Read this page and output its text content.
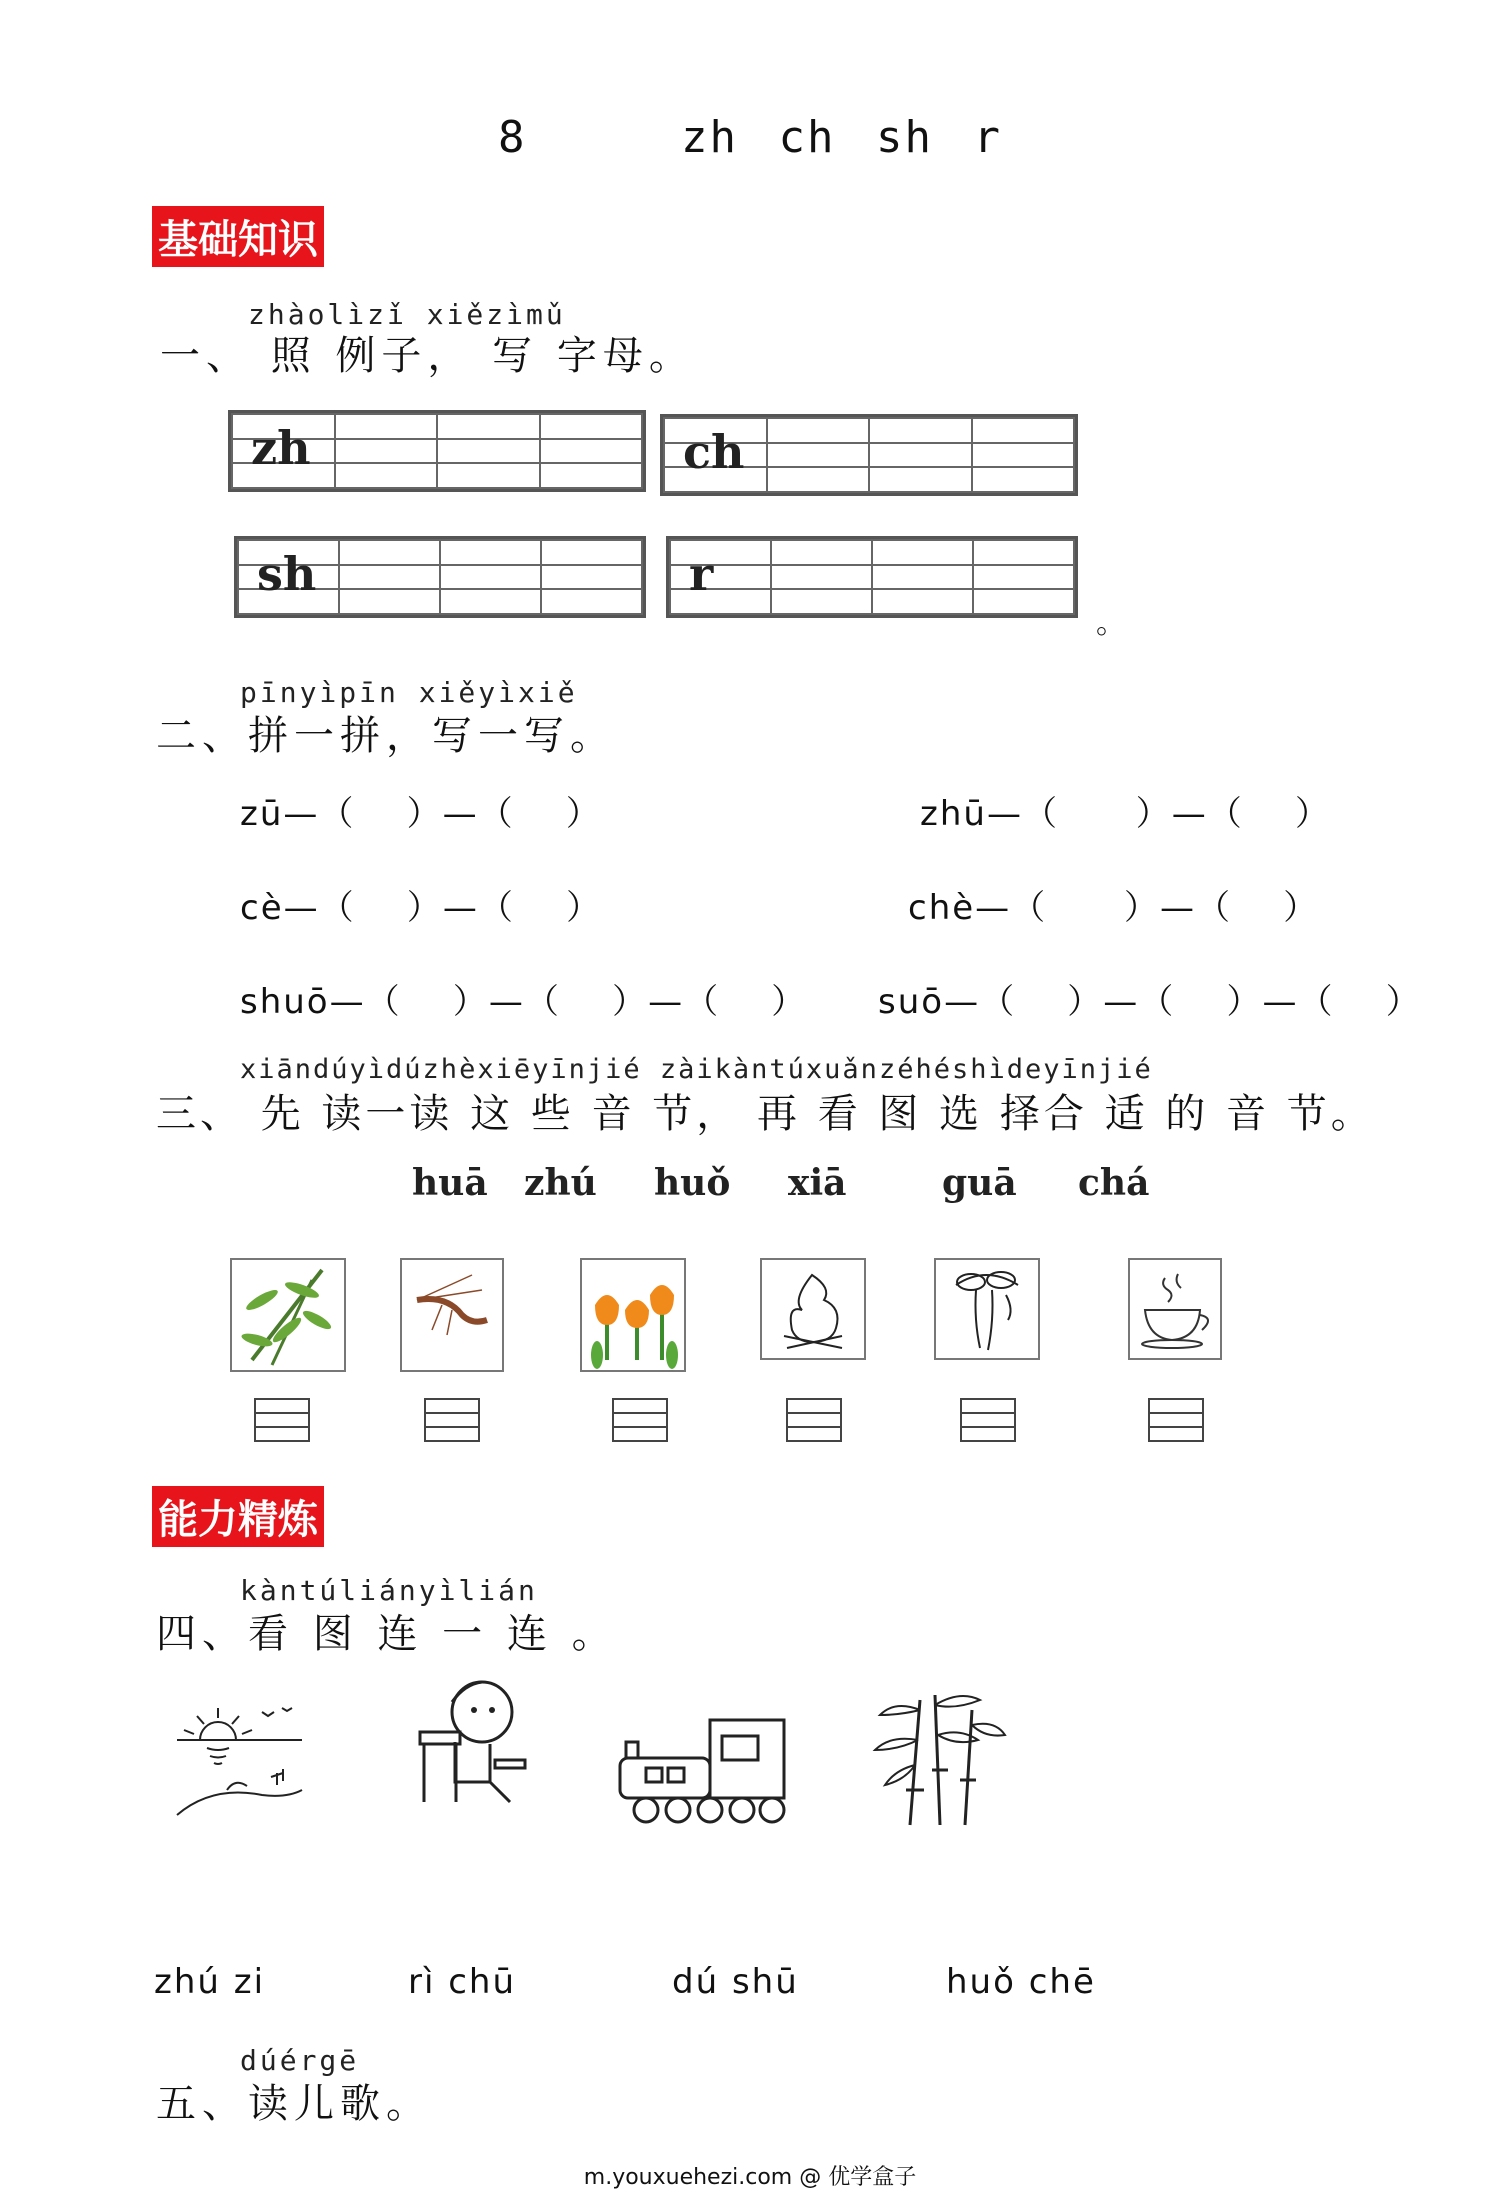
8	zh ch sh r
基础知识
zhàolìzǐ xiězìmǔ
一、 照 例子， 写 字母。

zh

				ch

sh

				r
。
pīnyìpīn xiěyìxiě
二、拼一拼，写一写。
zū—（    ）—（    ）	zhū—（      ）—（    ）
cè—（    ）—（    ）	chè—（      ）—（    ）
shuō—（    ）—（    ）—（    ） suō—（    ）—（    ）—（    ）
xiāndúyìdúzhèxiēyīnjié zàikàntúxuǎnzéhéshìdeyīnjié
三、 先 读一读 这 些 音 节， 再 看 图 选 择合 适 的 音 节。
huā zhú huǒ xiā	guā chá
能力精炼
kàntúliányìlián
四、看 图 连 一 连 。
zhú zi	rì chū	dú shū	huǒ chē
dúérgē
五、读儿歌。
m.youxuehezi.com @ 优学盒子
